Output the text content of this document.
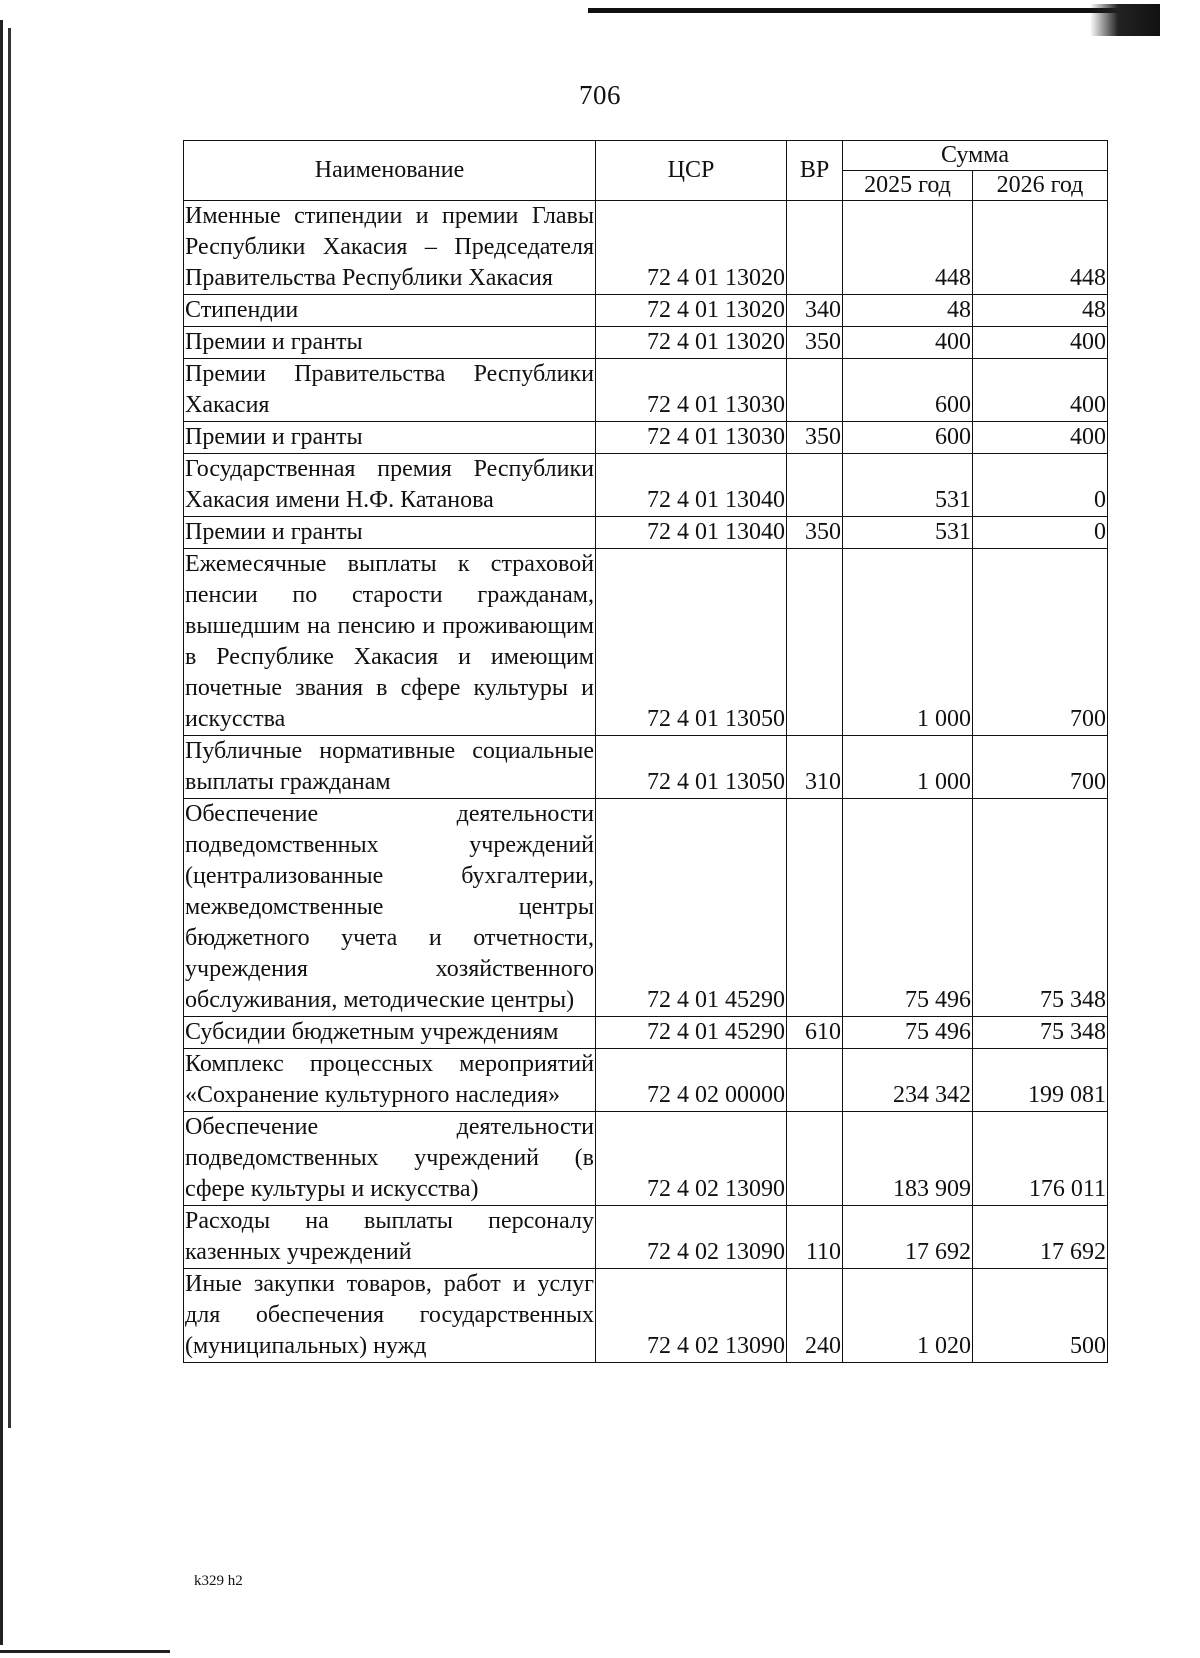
706
Наименование	ЦСР	ВР	Сумма	
			2025 год	2026 год
Именные стипендии и премии Главы Республики Хакасия – Председателя Правительства Республики Хакасия	72 4 01 13020		448	448
Стипендии	72 4 01 13020	340	48	48
Премии и гранты	72 4 01 13020	350	400	400
Премии Правительства Республики Хакасия	72 4 01 13030		600	400
Премии и гранты	72 4 01 13030	350	600	400
Государственная премия Республики Хакасия имени Н.Ф. Катанова	72 4 01 13040		531	0
Премии и гранты	72 4 01 13040	350	531	0
Ежемесячные выплаты к страховой пенсии по старости гражданам, вышедшим на пенсию и проживающим в Республике Хакасия и имеющим почетные звания в сфере культуры и искусства	72 4 01 13050		1 000	700
Публичные нормативные социальные выплаты гражданам	72 4 01 13050	310	1 000	700
Обеспечение деятельности подведомственных учреждений (централизованные бухгалтерии, межведомственные центры бюджетного учета и отчетности, учреждения хозяйственного обслуживания, методические центры)	72 4 01 45290		75 496	75 348
Субсидии бюджетным учреждениям	72 4 01 45290	610	75 496	75 348
Комплекс процессных мероприятий «Сохранение культурного наследия»	72 4 02 00000		234 342	199 081
Обеспечение деятельности подведомственных учреждений (в сфере культуры и искусства)	72 4 02 13090		183 909	176 011
Расходы на выплаты персоналу казенных учреждений	72 4 02 13090	110	17 692	17 692
Иные закупки товаров, работ и услуг для обеспечения государственных (муниципальных) нужд	72 4 02 13090	240	1 020	500
k329 h2
